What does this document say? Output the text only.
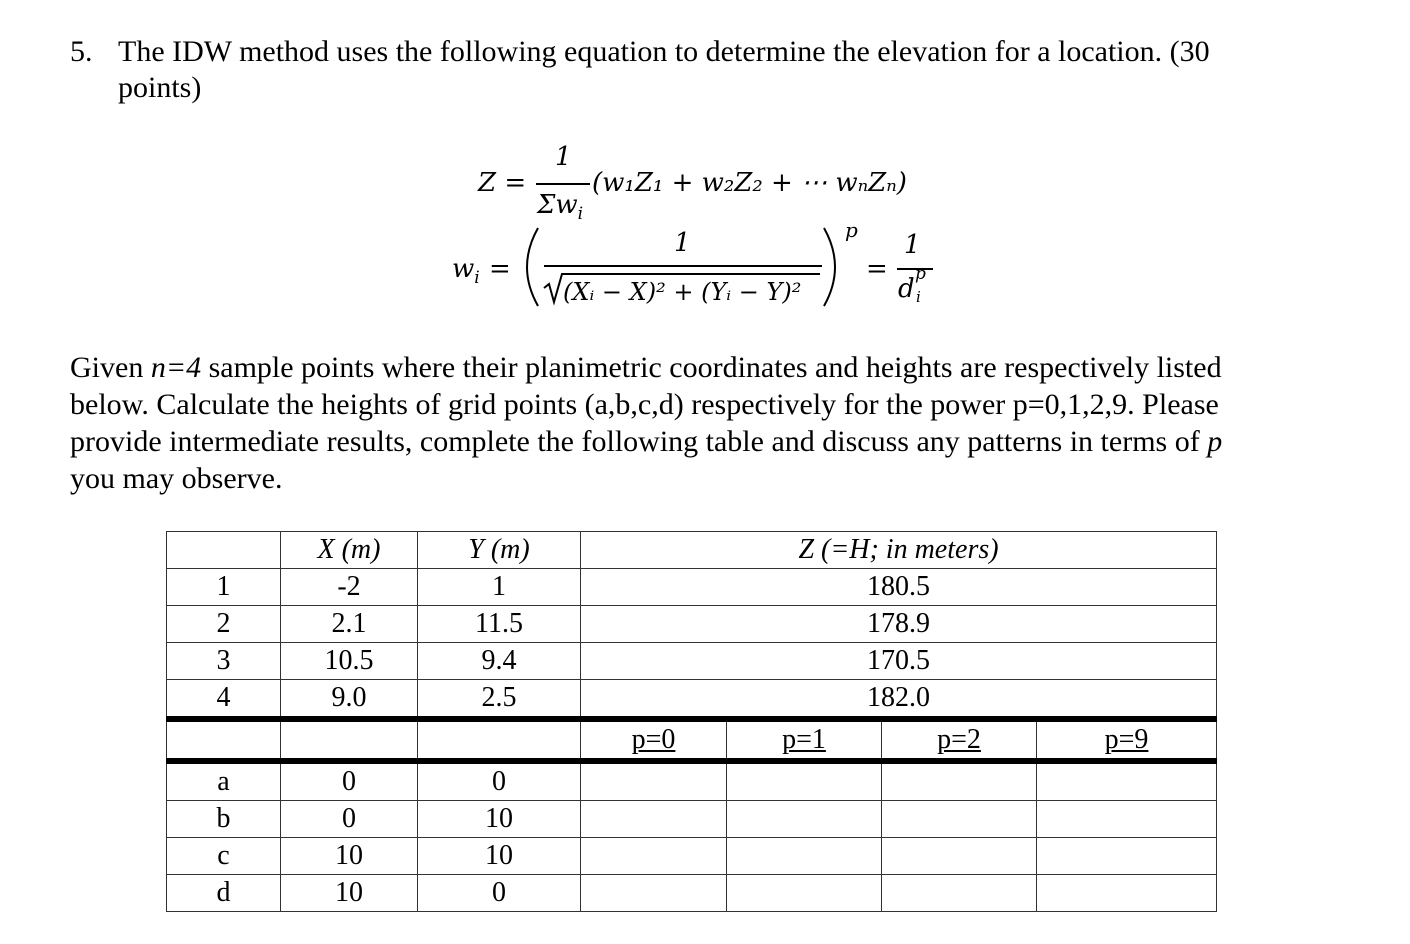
5. The IDW method uses the following equation to determine the elevation for a location. (30
points)
Z =
1
$\Sigma w_i$
(w₁Z₁ + w₂Z₂ + ⋯ wₙZₙ)
$w_i$ =
1
(Xᵢ − X)² + (Yᵢ − Y)²
p
=
1
d p
i
Given n=4 sample points where their planimetric coordinates and heights are respectively listed
below. Calculate the heights of grid points (a,b,c,d) respectively for the power p=0,1,2,9. Please
provide intermediate results, complete the following table and discuss any patterns in terms of p
you may observe.
	X (m)	Y (m)	Z (=H; in meters)			
1	-2	1	180.5			
2	2.1	11.5	178.9			
3	10.5	9.4	170.5			
4	9.0	2.5	182.0			
			p=0	p=1	p=2	p=9
a	0	0				
b	0	10				
c	10	10				
d	10	0				
